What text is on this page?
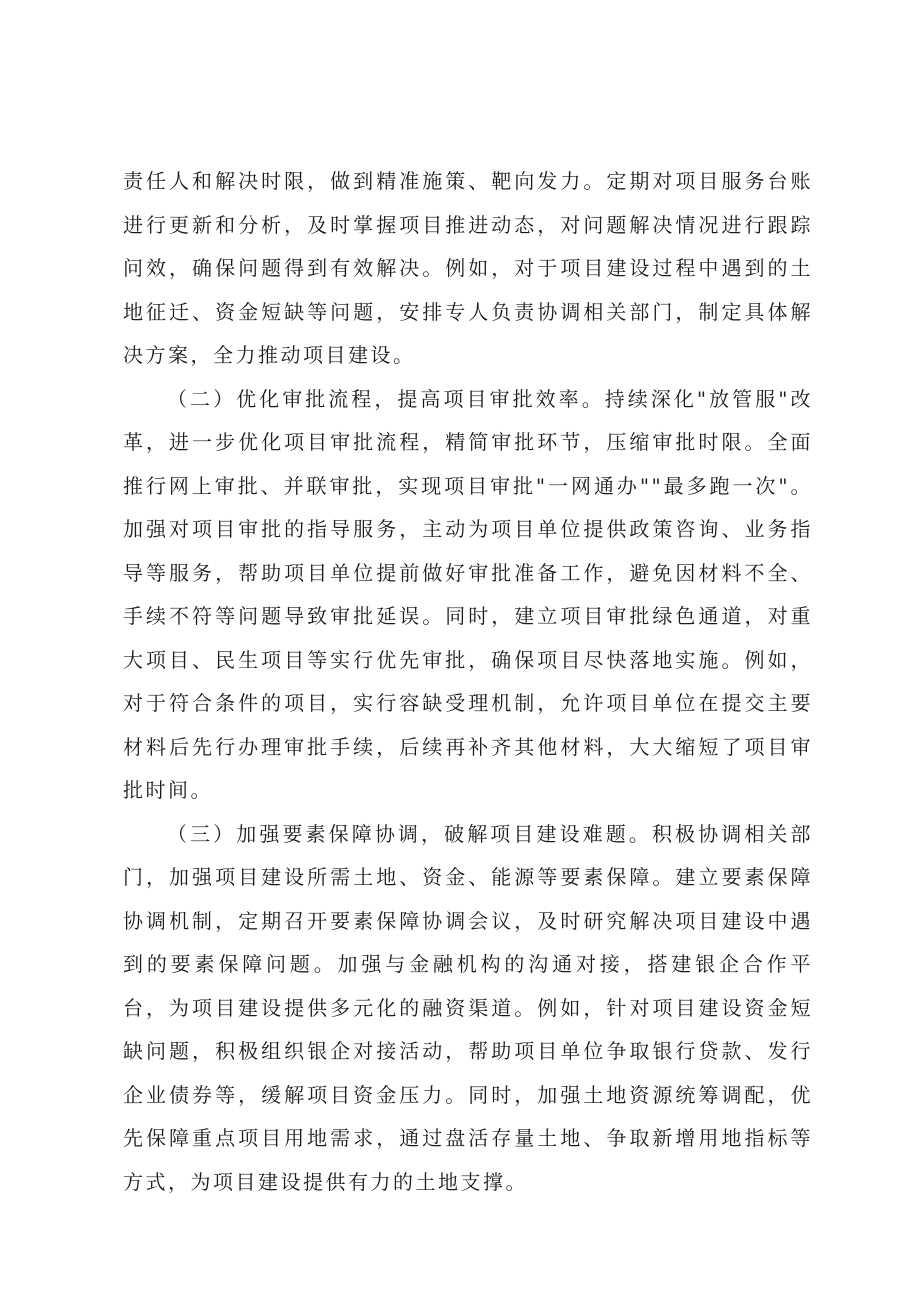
责任人和解决时限，做到精准施策、靶向发力。定期对项目服务台账进行更新和分析，及时掌握项目推进动态，对问题解决情况进行跟踪问效，确保问题得到有效解决。例如，对于项目建设过程中遇到的土地征迁、资金短缺等问题，安排专人负责协调相关部门，制定具体解决方案，全力推动项目建设。

（二）优化审批流程，提高项目审批效率。持续深化"放管服"改革，进一步优化项目审批流程，精简审批环节，压缩审批时限。全面推行网上审批、并联审批，实现项目审批"一网通办""最多跑一次"。加强对项目审批的指导服务，主动为项目单位提供政策咨询、业务指导等服务，帮助项目单位提前做好审批准备工作，避免因材料不全、手续不符等问题导致审批延误。同时，建立项目审批绿色通道，对重大项目、民生项目等实行优先审批，确保项目尽快落地实施。例如，对于符合条件的项目，实行容缺受理机制，允许项目单位在提交主要材料后先行办理审批手续，后续再补齐其他材料，大大缩短了项目审批时间。

（三）加强要素保障协调，破解项目建设难题。积极协调相关部门，加强项目建设所需土地、资金、能源等要素保障。建立要素保障协调机制，定期召开要素保障协调会议，及时研究解决项目建设中遇到的要素保障问题。加强与金融机构的沟通对接，搭建银企合作平台，为项目建设提供多元化的融资渠道。例如，针对项目建设资金短缺问题，积极组织银企对接活动，帮助项目单位争取银行贷款、发行企业债券等，缓解项目资金压力。同时，加强土地资源统筹调配，优先保障重点项目用地需求，通过盘活存量土地、争取新增用地指标等方式，为项目建设提供有力的土地支撑。
